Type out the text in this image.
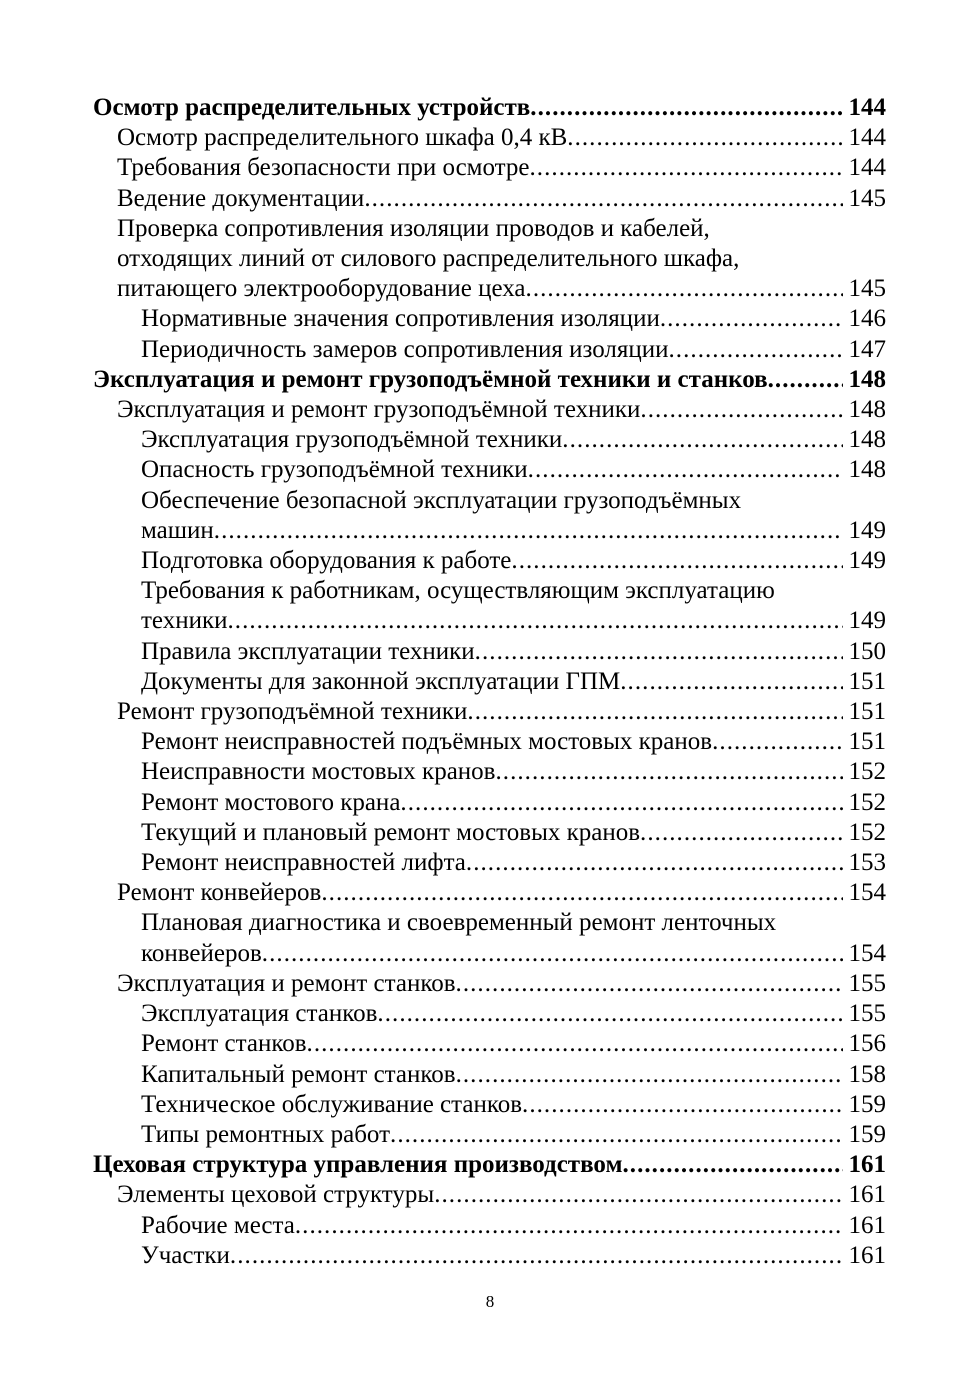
Осмотр распределительных устройств . . .	144
Осмотр распределительного шкафа 0,4 кВ . . .	144
Требования безопасности при осмотре . . .	144
Ведение документации . . .	145
Проверка сопротивления изоляции проводов и кабелей,
отходящих линий от силового распределительного шкафа,
питающего электрооборудование цеха . . .	145
Нормативные значения сопротивления изоляции . . .	146
Периодичность замеров сопротивления изоляции . . .	147
Эксплуатация и ремонт грузоподъёмной техники и станков . . .	148
Эксплуатация и ремонт грузоподъёмной техники . . .	148
Эксплуатация грузоподъёмной техники . . .	148
Опасность грузоподъёмной техники . . .	148
Обеспечение безопасной эксплуатации грузоподъёмных
машин . . .	149
Подготовка оборудования к работе . . .	149
Требования к работникам, осуществляющим эксплуатацию
техники . . .	149
Правила эксплуатации техники . . .	150
Документы для законной эксплуатации ГПМ . . .	151
Ремонт грузоподъёмной техники . . .	151
Ремонт неисправностей подъёмных мостовых кранов . . .	151
Неисправности мостовых кранов . . .	152
Ремонт мостового крана . . .	152
Текущий и плановый ремонт мостовых кранов . . .	152
Ремонт неисправностей лифта . . .	153
Ремонт конвейеров . . .	154
Плановая диагностика и своевременный ремонт ленточных
конвейеров . . .	154
Эксплуатация и ремонт станков . . .	155
Эксплуатация станков . . .	155
Ремонт станков . . .	156
Капитальный ремонт станков . . .	158
Техническое обслуживание станков . . .	159
Типы ремонтных работ . . .	159
Цеховая структура управления производством . . .	161
Элементы цеховой структуры . . .	161
Рабочие места . . .	161
Участки . . .	161
8
